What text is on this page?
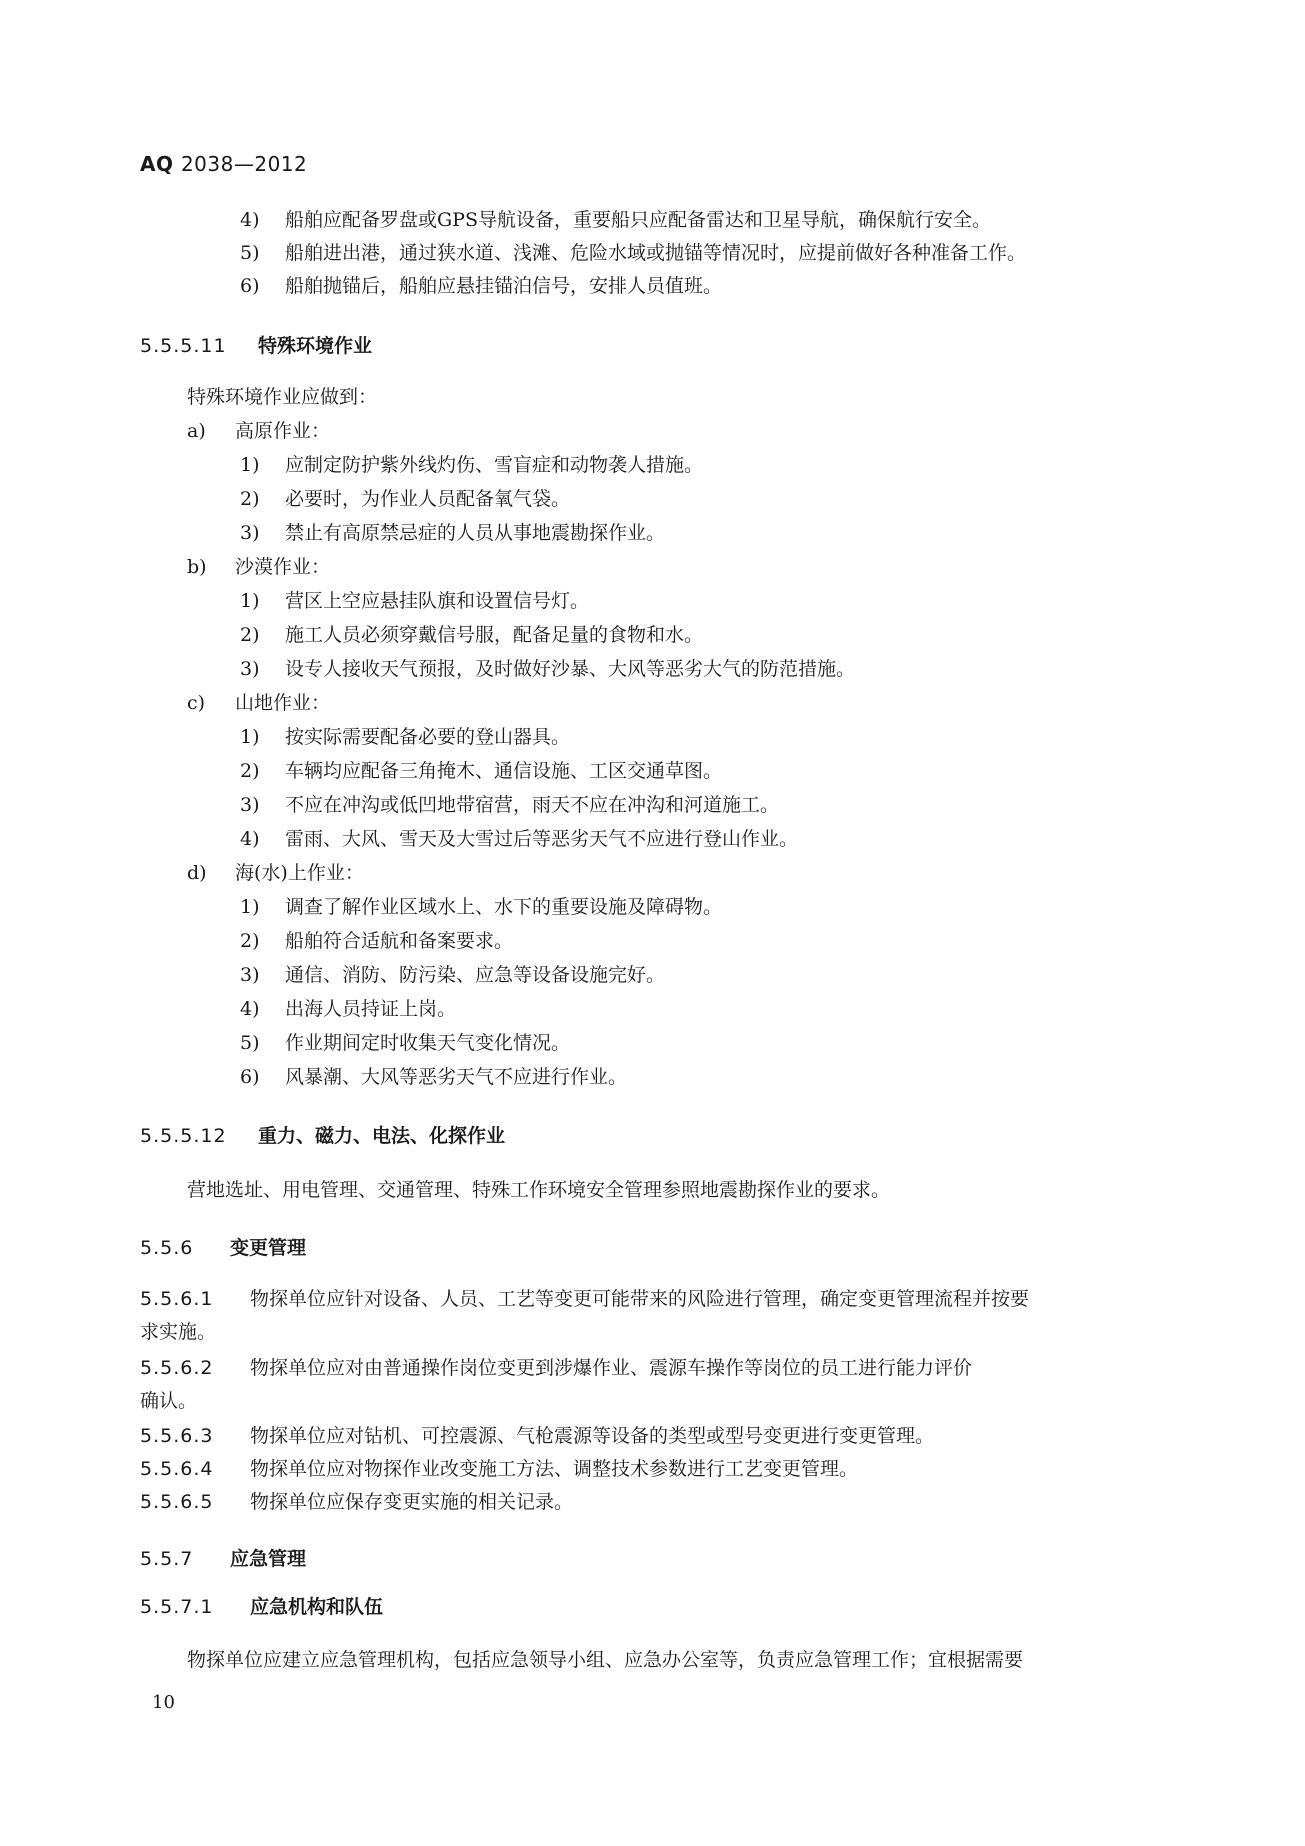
AQ 2038—2012
4) 船舶应配备罗盘或GPS导航设备，重要船只应配备雷达和卫星导航，确保航行安全。
5) 船舶进出港，通过狭水道、浅滩、危险水域或抛锚等情况时，应提前做好各种准备工作。
6) 船舶抛锚后，船舶应悬挂锚泊信号，安排人员值班。
5.5.5.11 特殊环境作业
特殊环境作业应做到：
a) 高原作业：
1) 应制定防护紫外线灼伤、雪盲症和动物袭人措施。
2) 必要时，为作业人员配备氧气袋。
3) 禁止有高原禁忌症的人员从事地震勘探作业。
b) 沙漠作业：
1) 营区上空应悬挂队旗和设置信号灯。
2) 施工人员必须穿戴信号服，配备足量的食物和水。
3) 设专人接收天气预报，及时做好沙暴、大风等恶劣大气的防范措施。
c) 山地作业：
1) 按实际需要配备必要的登山器具。
2) 车辆均应配备三角掩木、通信设施、工区交通草图。
3) 不应在冲沟或低凹地带宿营，雨天不应在冲沟和河道施工。
4) 雷雨、大风、雪天及大雪过后等恶劣天气不应进行登山作业。
d) 海(水)上作业：
1) 调查了解作业区域水上、水下的重要设施及障碍物。
2) 船舶符合适航和备案要求。
3) 通信、消防、防污染、应急等设备设施完好。
4) 出海人员持证上岗。
5) 作业期间定时收集天气变化情况。
6) 风暴潮、大风等恶劣天气不应进行作业。
5.5.5.12 重力、磁力、电法、化探作业
营地选址、用电管理、交通管理、特殊工作环境安全管理参照地震勘探作业的要求。
5.5.6 变更管理
5.5.6.1 物探单位应针对设备、人员、工艺等变更可能带来的风险进行管理，确定变更管理流程并按要
求实施。
5.5.6.2 物探单位应对由普通操作岗位变更到涉爆作业、震源车操作等岗位的员工进行能力评价
确认。
5.5.6.3 物探单位应对钻机、可控震源、气枪震源等设备的类型或型号变更进行变更管理。
5.5.6.4 物探单位应对物探作业改变施工方法、调整技术参数进行工艺变更管理。
5.5.6.5 物探单位应保存变更实施的相关记录。
5.5.7 应急管理
5.5.7.1 应急机构和队伍
物探单位应建立应急管理机构，包括应急领导小组、应急办公室等，负责应急管理工作；宜根据需要
10
